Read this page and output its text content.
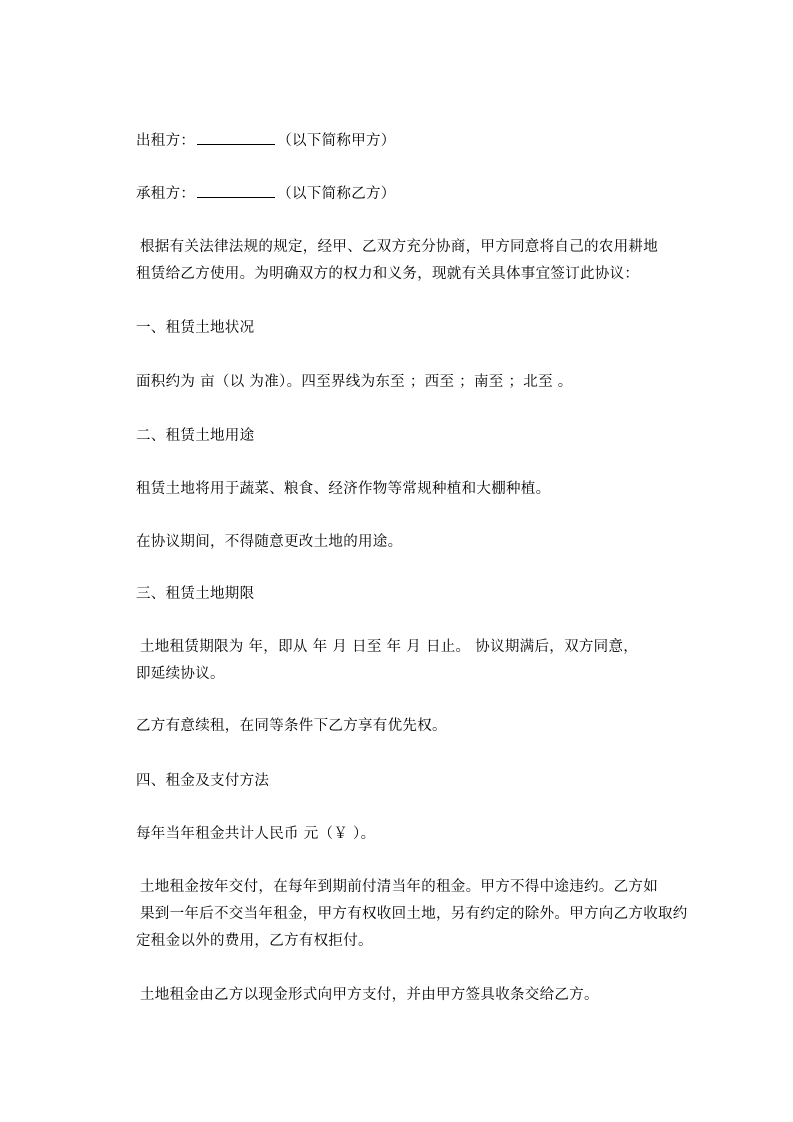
出租方：	（以下简称甲方）
承租方：	（以下简称乙方）
根据有关法律法规的规定，经甲、乙双方充分协商，甲方同意将自己的农用耕地
租赁给乙方使用。为明确双方的权力和义务，现就有关具体事宜签订此协议：
一、租赁土地状况
面积约为 亩（以 为准）。四至界线为东至 ；西至 ；南至 ；北至 。
二、租赁土地用途
租赁土地将用于蔬菜、粮食、经济作物等常规种植和大棚种植。
在协议期间，不得随意更改土地的用途。
三、租赁土地期限
土地租赁期限为 年，即从 年 月 日至 年 月 日止。 协议期满后，双方同意，
即延续协议。
乙方有意续租，在同等条件下乙方享有优先权。
四、租金及支付方法
每年当年租金共计人民币 元（￥ ）。
土地租金按年交付，在每年到期前付清当年的租金。甲方不得中途违约。乙方如
果到一年后不交当年租金，甲方有权收回土地，另有约定的除外。甲方向乙方收取约
定租金以外的费用，乙方有权拒付。
土地租金由乙方以现金形式向甲方支付，并由甲方签具收条交给乙方。
